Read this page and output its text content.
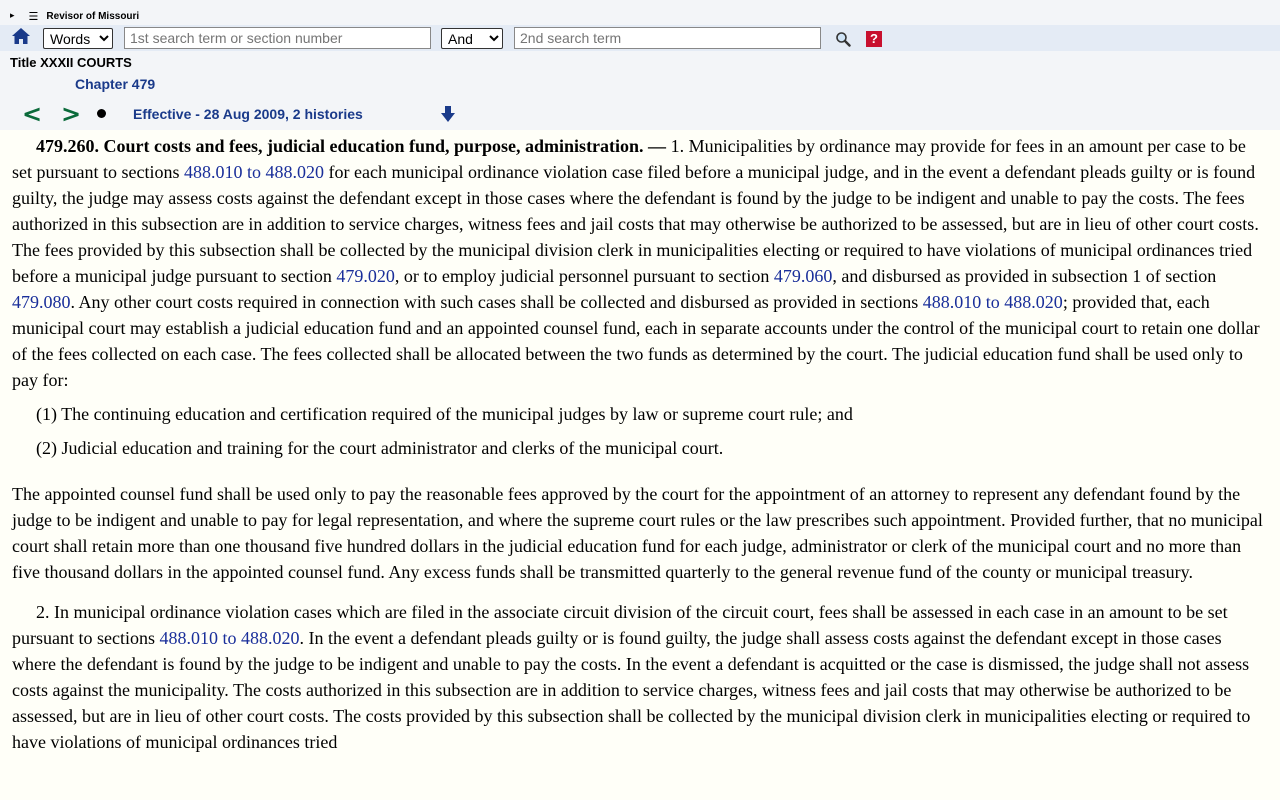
▸ ☰ Revisor of Missouri
Words
1st search term or section number
And
2nd search term
?
Title XXXII COURTS
Chapter 479
< >	Effective - 28 Aug 2009, 2 histories

479.260. Court costs and fees, judicial education fund, purpose, administration. — 1. Municipalities by ordinance may provide for fees in an amount per case to be set pursuant to sections 488.010 to 488.020 for each municipal ordinance violation case filed before a municipal judge, and in the event a defendant pleads guilty or is found guilty, the judge may assess costs against the defendant except in those cases where the defendant is found by the judge to be indigent and unable to pay the costs. The fees authorized in this subsection are in addition to service charges, witness fees and jail costs that may otherwise be authorized to be assessed, but are in lieu of other court costs. The fees provided by this subsection shall be collected by the municipal division clerk in municipalities electing or required to have violations of municipal ordinances tried before a municipal judge pursuant to section 479.020, or to employ judicial personnel pursuant to section 479.060, and disbursed as provided in subsection 1 of section 479.080. Any other court costs required in connection with such cases shall be collected and disbursed as provided in sections 488.010 to 488.020; provided that, each municipal court may establish a judicial education fund and an appointed counsel fund, each in separate accounts under the control of the municipal court to retain one dollar of the fees collected on each case. The fees collected shall be allocated between the two funds as determined by the court. The judicial education fund shall be used only to pay for:

(1) The continuing education and certification required of the municipal judges by law or supreme court rule; and

(2) Judicial education and training for the court administrator and clerks of the municipal court.

The appointed counsel fund shall be used only to pay the reasonable fees approved by the court for the appointment of an attorney to represent any defendant found by the judge to be indigent and unable to pay for legal representation, and where the supreme court rules or the law prescribes such appointment. Provided further, that no municipal court shall retain more than one thousand five hundred dollars in the judicial education fund for each judge, administrator or clerk of the municipal court and no more than five thousand dollars in the appointed counsel fund. Any excess funds shall be transmitted quarterly to the general revenue fund of the county or municipal treasury.

2. In municipal ordinance violation cases which are filed in the associate circuit division of the circuit court, fees shall be assessed in each case in an amount to be set pursuant to sections 488.010 to 488.020. In the event a defendant pleads guilty or is found guilty, the judge shall assess costs against the defendant except in those cases where the defendant is found by the judge to be indigent and unable to pay the costs. In the event a defendant is acquitted or the case is dismissed, the judge shall not assess costs against the municipality. The costs authorized in this subsection are in addition to service charges, witness fees and jail costs that may otherwise be authorized to be assessed, but are in lieu of other court costs. The costs provided by this subsection shall be collected by the municipal division clerk in municipalities electing or required to have violations of municipal ordinances tried
